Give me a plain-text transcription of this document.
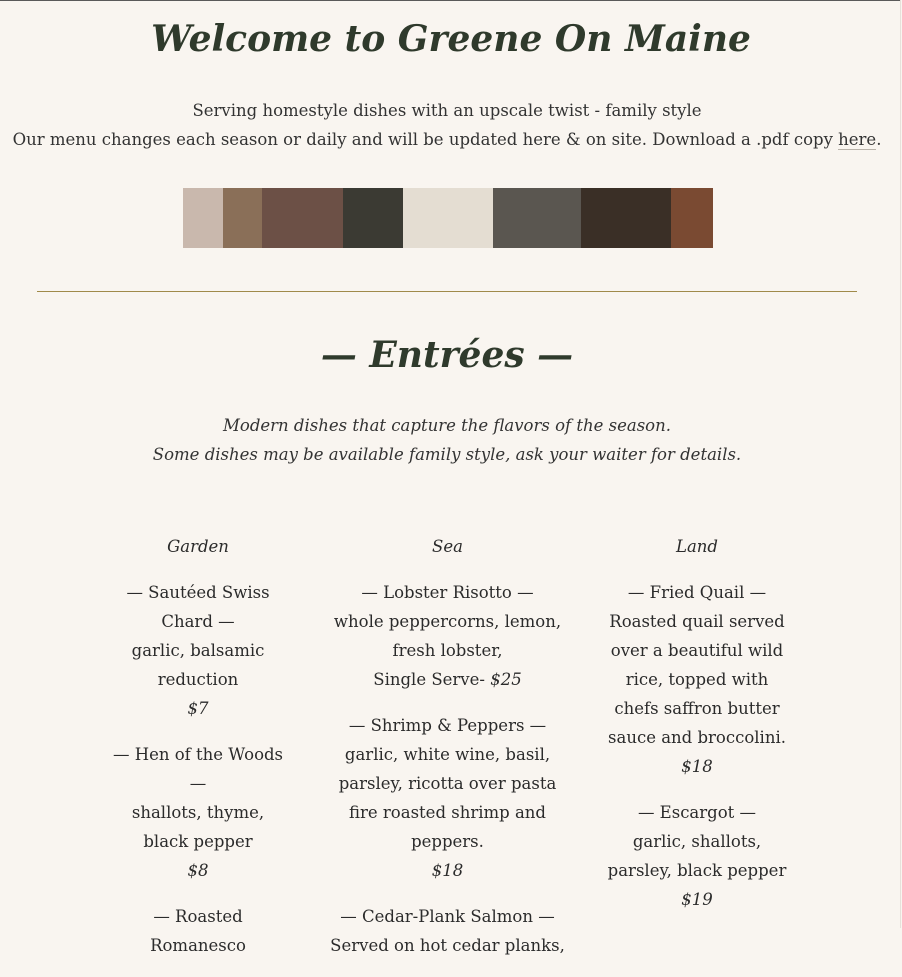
Welcome to Greene On Maine
Serving homestyle dishes with an upscale twist - family style
Our menu changes each season or daily and will be updated here & on site. Download a .pdf copy here.
— Entrées —
Modern dishes that capture the flavors of the season.
Some dishes may be available family style, ask your waiter for details.
Garden
— Sautéed Swiss Chard —
garlic, balsamic reduction
$7
— Hen of the Woods —
shallots, thyme, black pepper
$8
— Roasted Romanesco
Sea
— Lobster Risotto —
whole peppercorns, lemon, fresh lobster,
Single Serve- $25
— Shrimp & Peppers —
garlic, white wine, basil, parsley, ricotta over pasta fire roasted shrimp and peppers.
$18
— Cedar-Plank Salmon —
Served on hot cedar planks,
Land
— Fried Quail —
Roasted quail served over a beautiful wild rice, topped with chefs saffron butter sauce and broccolini.
$18
— Escargot —
garlic, shallots, parsley, black pepper
$19
